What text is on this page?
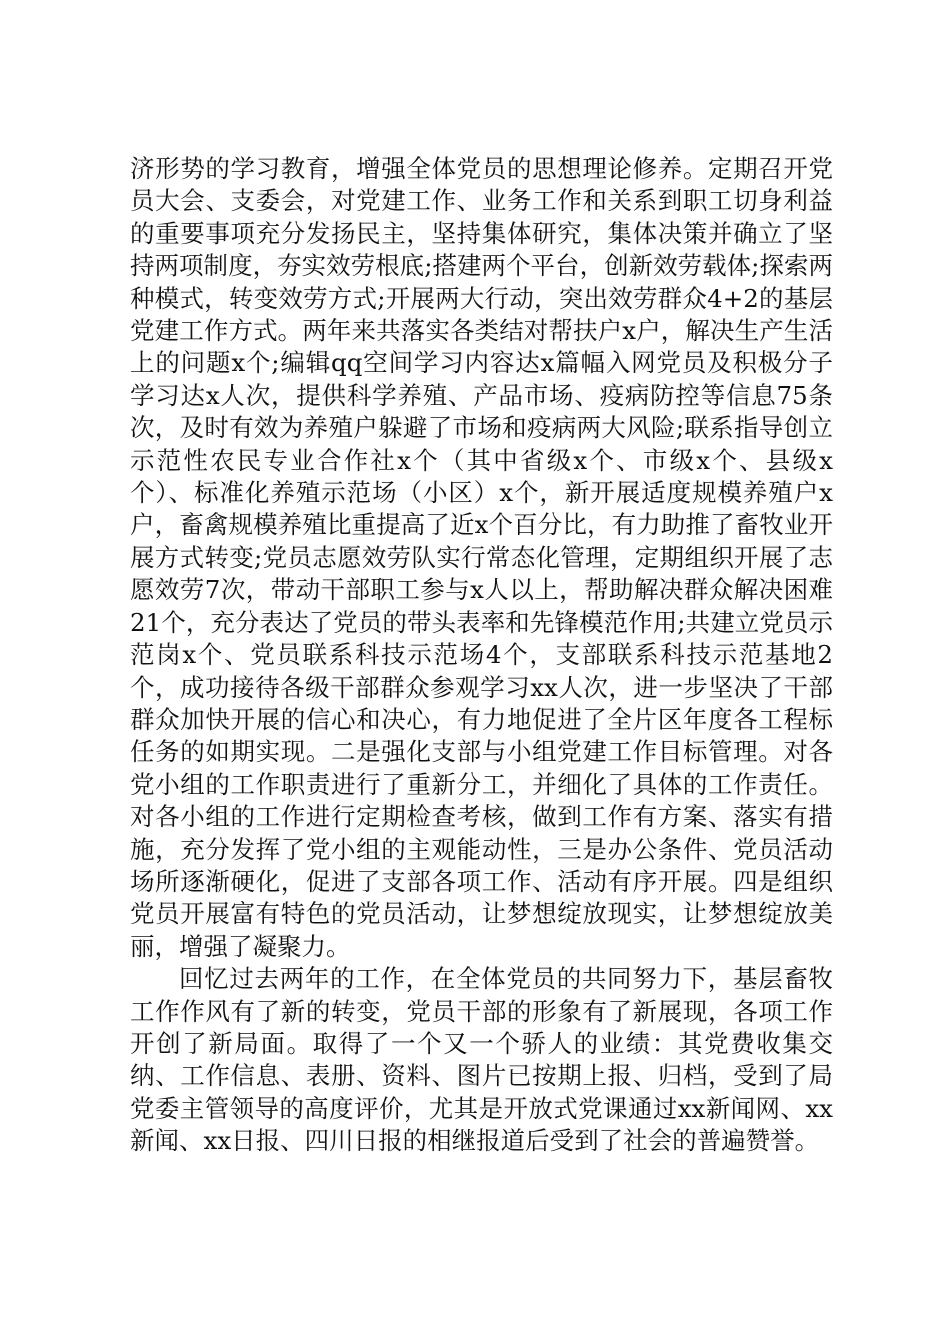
济形势的学习教育，增强全体党员的思想理论修养。定期召开党员大会、支委会，对党建工作、业务工作和关系到职工切身利益的重要事项充分发扬民主，坚持集体研究，集体决策并确立了坚持两项制度，夯实效劳根底;搭建两个平台，创新效劳载体;探索两种模式，转变效劳方式;开展两大行动，突出效劳群众4+2的基层党建工作方式。两年来共落实各类结对帮扶户x户，解决生产生活上的问题x个;编辑qq空间学习内容达x篇幅入网党员及积极分子学习达x人次，提供科学养殖、产品市场、疫病防控等信息75条次，及时有效为养殖户躲避了市场和疫病两大风险;联系指导创立示范性农民专业合作社x个（其中省级x个、市级x个、县级x个）、标准化养殖示范场（小区）x个，新开展适度规模养殖户x户，畜禽规模养殖比重提高了近x个百分比，有力助推了畜牧业开展方式转变;党员志愿效劳队实行常态化管理，定期组织开展了志愿效劳7次，带动干部职工参与x人以上，帮助解决群众解决困难21个，充分表达了党员的带头表率和先锋模范作用;共建立党员示范岗x个、党员联系科技示范场4个，支部联系科技示范基地2个，成功接待各级干部群众参观学习xx人次，进一步坚决了干部群众加快开展的信心和决心，有力地促进了全片区年度各工程标任务的如期实现。二是强化支部与小组党建工作目标管理。对各党小组的工作职责进行了重新分工，并细化了具体的工作责任。对各小组的工作进行定期检查考核，做到工作有方案、落实有措施，充分发挥了党小组的主观能动性，三是办公条件、党员活动场所逐渐硬化，促进了支部各项工作、活动有序开展。四是组织党员开展富有特色的党员活动，让梦想绽放现实，让梦想绽放美丽，增强了凝聚力。

回忆过去两年的工作，在全体党员的共同努力下，基层畜牧工作作风有了新的转变，党员干部的形象有了新展现，各项工作开创了新局面。取得了一个又一个骄人的业绩：其党费收集交纳、工作信息、表册、资料、图片已按期上报、归档，受到了局党委主管领导的高度评价，尤其是开放式党课通过xx新闻网、xx新闻、xx日报、四川日报的相继报道后受到了社会的普遍赞誉。
